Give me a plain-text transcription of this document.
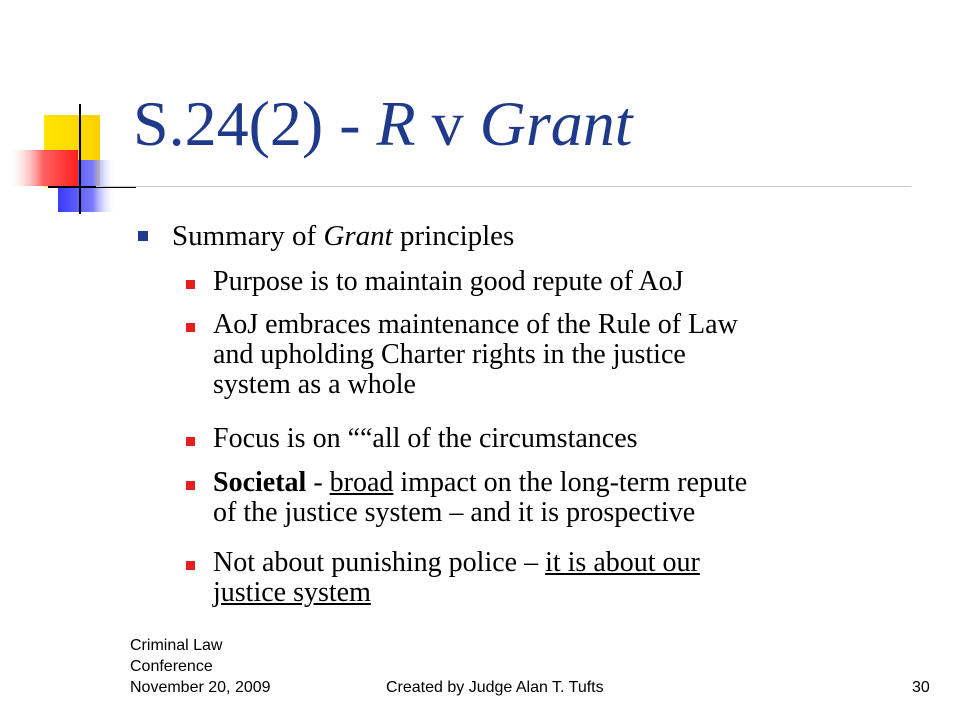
S.24(2) - R v Grant
Summary of Grant principles
Purpose is to maintain good repute of AoJ
AoJ embraces maintenance of the Rule of Law
and upholding Charter rights in the justice
system as a whole
Focus is on ““all of the circumstances
Societal - broad impact on the long-term repute
of the justice system – and it is prospective
Not about punishing police – it is about our
justice system
Criminal Law
Conference
November 20, 2009	Created by Judge Alan T. Tufts	30
